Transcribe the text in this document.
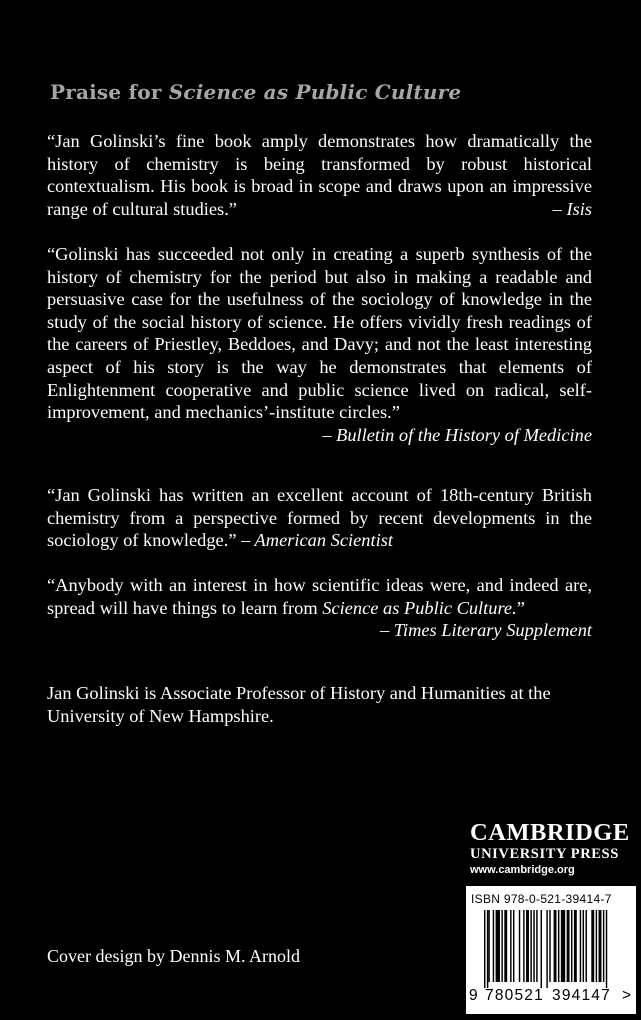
Praise for Science as Public Culture

“Jan Golinski’s fine book amply demonstrates how dramatically the history of chemistry is being transformed by robust historical contextualism. His book is broad in scope and draws upon an impressive range of cultural studies.”	– Isis

“Golinski has succeeded not only in creating a superb synthesis of the history of chemistry for the period but also in making a readable and persuasive case for the usefulness of the sociology of knowledge in the study of the social history of science. He offers vividly fresh readings of the careers of Priestley, Beddoes, and Davy; and not the least interesting aspect of his story is the way he demonstrates that elements of Enlightenment cooperative and public science lived on radical, self-improvement, and mechanics’-institute circles.”
– Bulletin of the History of Medicine

“Jan Golinski has written an excellent account of 18th-century British chemistry from a perspective formed by recent developments in the sociology of knowledge.” – American Scientist

“Anybody with an interest in how scientific ideas were, and indeed are, spread will have things to learn from Science as Public Culture.”
– Times Literary Supplement

Jan Golinski is Associate Professor of History and Humanities at the University of New Hampshire.

Cover design by Dennis M. Arnold

CAMBRIDGE
UNIVERSITY PRESS
www.cambridge.org
ISBN 978-0-521-39414-7
9 780521 394147 >
